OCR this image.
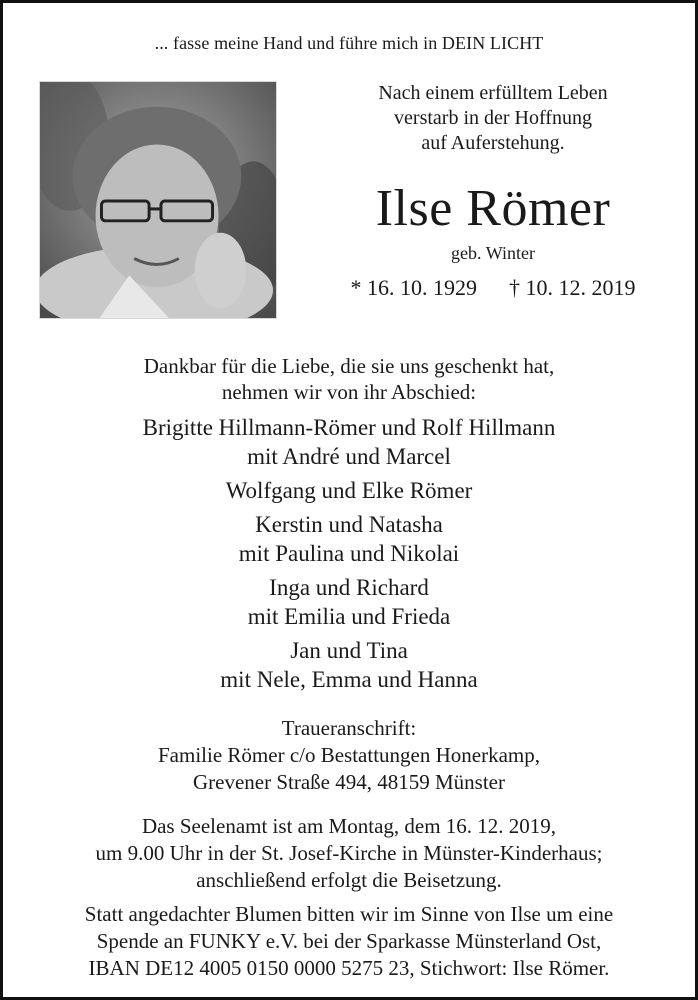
... fasse meine Hand und führe mich in DEIN LICHT
Nach einem erfülltem Leben
verstarb in der Hoffnung
auf Auferstehung.
Ilse Römer
geb. Winter
* 16. 10. 1929 † 10. 12. 2019
Dankbar für die Liebe, die sie uns geschenkt hat,
nehmen wir von ihr Abschied:
Brigitte Hillmann-Römer und Rolf Hillmann
mit André und Marcel
Wolfgang und Elke Römer
Kerstin und Natasha
mit Paulina und Nikolai
Inga und Richard
mit Emilia und Frieda
Jan und Tina
mit Nele, Emma und Hanna
Traueranschrift:
Familie Römer c/o Bestattungen Honerkamp,
Grevener Straße 494, 48159 Münster
Das Seelenamt ist am Montag, dem 16. 12. 2019,
um 9.00 Uhr in der St. Josef-Kirche in Münster-Kinderhaus;
anschließend erfolgt die Beisetzung.
Statt angedachter Blumen bitten wir im Sinne von Ilse um eine
Spende an FUNKY e.V. bei der Sparkasse Münsterland Ost,
IBAN DE12 4005 0150 0000 5275 23, Stichwort: Ilse Römer.
